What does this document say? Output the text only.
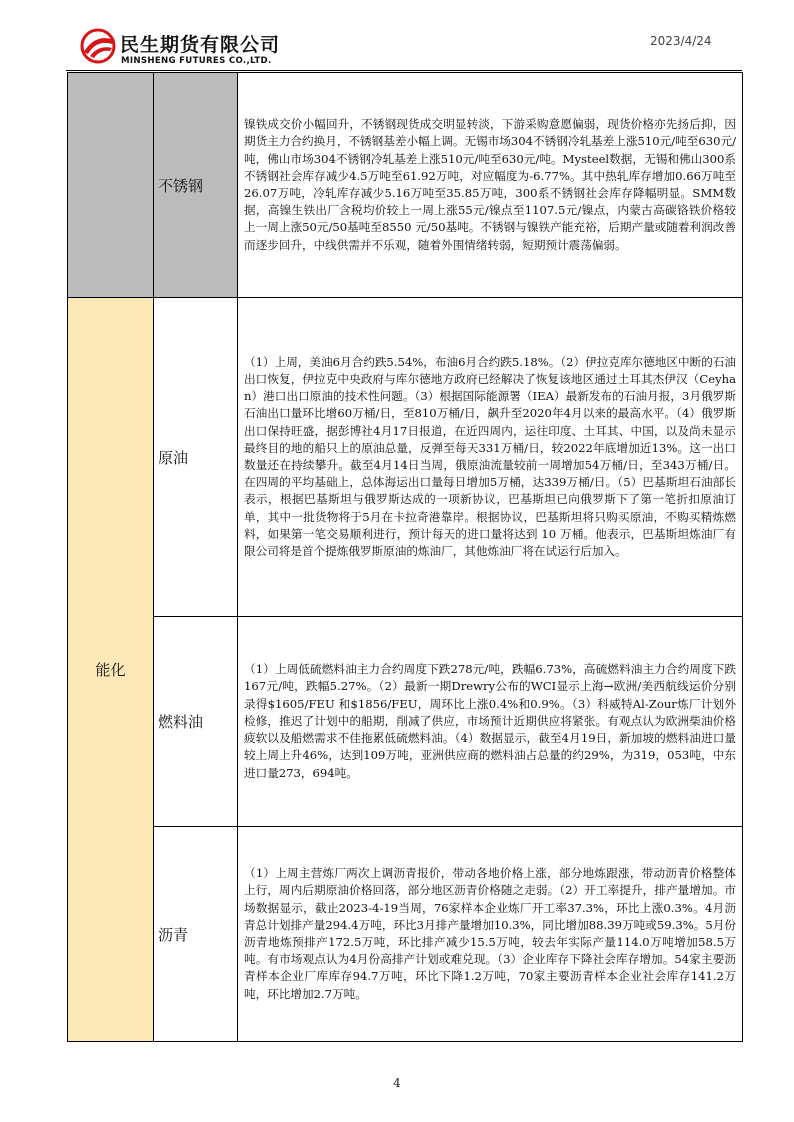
民生期货有限公司
MINSHENG FUTURES CO.,LTD.
2023/4/24
	不锈钢	镍铁成交价小幅回升，不锈钢现货成交明显转淡，下游采购意愿偏弱，现货价格亦先扬后抑，因期货主力合约换月，不锈钢基差小幅上调。无锡市场304不锈钢冷轧基差上涨510元/吨至630元/吨，佛山市场304不锈钢冷轧基差上涨510元/吨至630元/吨。Mysteel数据，无锡和佛山300系不锈钢社会库存减少4.5万吨至61.92万吨，对应幅度为-6.77%。其中热轧库存增加0.66万吨至26.07万吨，冷轧库存减少5.16万吨至35.85万吨，300系不锈钢社会库存降幅明显。SMM数据，高镍生铁出厂含税均价较上一周上涨55元/镍点至1107.5元/镍点，内蒙古高碳铬铁价格较上一周上涨50元/50基吨至8550 元/50基吨。不锈钢与镍铁产能充裕，后期产量或随着利润改善而逐步回升，中线供需并不乐观，随着外围情绪转弱，短期预计震荡偏弱。
能化	原油	（1）上周，美油6月合约跌5.54%，布油6月合约跌5.18%。（2）伊拉克库尔德地区中断的石油出口恢复，伊拉克中央政府与库尔德地方政府已经解决了恢复该地区通过土耳其杰伊汉（Ceyhan）港口出口原油的技术性问题。（3）根据国际能源署（IEA）最新发布的石油月报，3月俄罗斯石油出口量环比增60万桶/日，至810万桶/日，飙升至2020年4月以来的最高水平。（4）俄罗斯出口保持旺盛，据彭博社4月17日报道，在近四周内，运往印度、土耳其、中国，以及尚未显示最终目的地的船只上的原油总量，反弹至每天331万桶/日，较2022年底增加近13%。这一出口数量还在持续攀升。截至4月14日当周，俄原油流量较前一周增加54万桶/日，至343万桶/日。在四周的平均基础上，总体海运出口量每日增加5万桶，达339万桶/日。（5）巴基斯坦石油部长表示，根据巴基斯坦与俄罗斯达成的一项新协议，巴基斯坦已向俄罗斯下了第一笔折扣原油订单，其中一批货物将于5月在卡拉奇港靠岸。根据协议，巴基斯坦将只购买原油，不购买精炼燃料，如果第一笔交易顺利进行，预计每天的进口量将达到 10 万桶。他表示，巴基斯坦炼油厂有限公司将是首个提炼俄罗斯原油的炼油厂，其他炼油厂将在试运行后加入。
	燃料油	（1）上周低硫燃料油主力合约周度下跌278元/吨，跌幅6.73%，高硫燃料油主力合约周度下跌167元/吨，跌幅5.27%。（2）最新一期Drewry公布的WCI显示上海→欧洲/美西航线运价分别录得$1605/FEU 和$1856/FEU，周环比上涨0.4%和0.9%。（3）科威特Al-Zour炼厂计划外检修，推迟了计划中的船期，削减了供应，市场预计近期供应将紧张。有观点认为欧洲柴油价格疲软以及船燃需求不佳拖累低硫燃料油。（4）数据显示，截至4月19日，新加坡的燃料油进口量较上周上升46%，达到109万吨，亚洲供应商的燃料油占总量的约29%，为319，053吨，中东进口量273，694吨。
	沥青	（1）上周主营炼厂两次上调沥青报价，带动各地价格上涨，部分地炼跟涨，带动沥青价格整体上行，周内后期原油价格回落，部分地区沥青价格随之走弱。（2）开工率提升，排产量增加。市场数据显示，截止2023-4-19当周，76家样本企业炼厂开工率37.3%，环比上涨0.3%。4月沥青总计划排产量294.4万吨，环比3月排产量增加10.3%，同比增加88.39万吨或59.3%。5月份沥青地炼预排产172.5万吨，环比排产减少15.5万吨，较去年实际产量114.0万吨增加58.5万吨。有市场观点认为4月份高排产计划或难兑现。（3）企业库存下降社会库存增加。54家主要沥青样本企业厂库库存94.7万吨，环比下降1.2万吨，70家主要沥青样本企业社会库存141.2万吨，环比增加2.7万吨。
4
